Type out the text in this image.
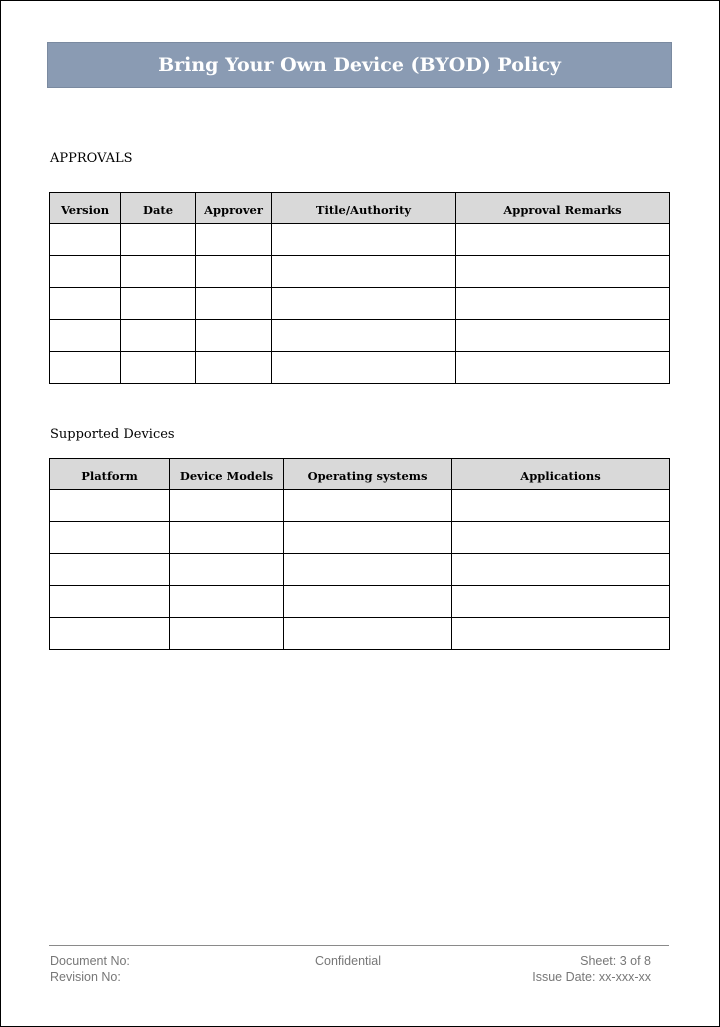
Bring Your Own Device (BYOD) Policy
APPROVALS
Version	Date	Approver	Title/Authority	Approval Remarks

Supported Devices
Platform	Device Models	Operating systems	Applications

Document No:
Revision No:
Confidential	Sheet: 3 of 8
Issue Date: xx-xxx-xx
